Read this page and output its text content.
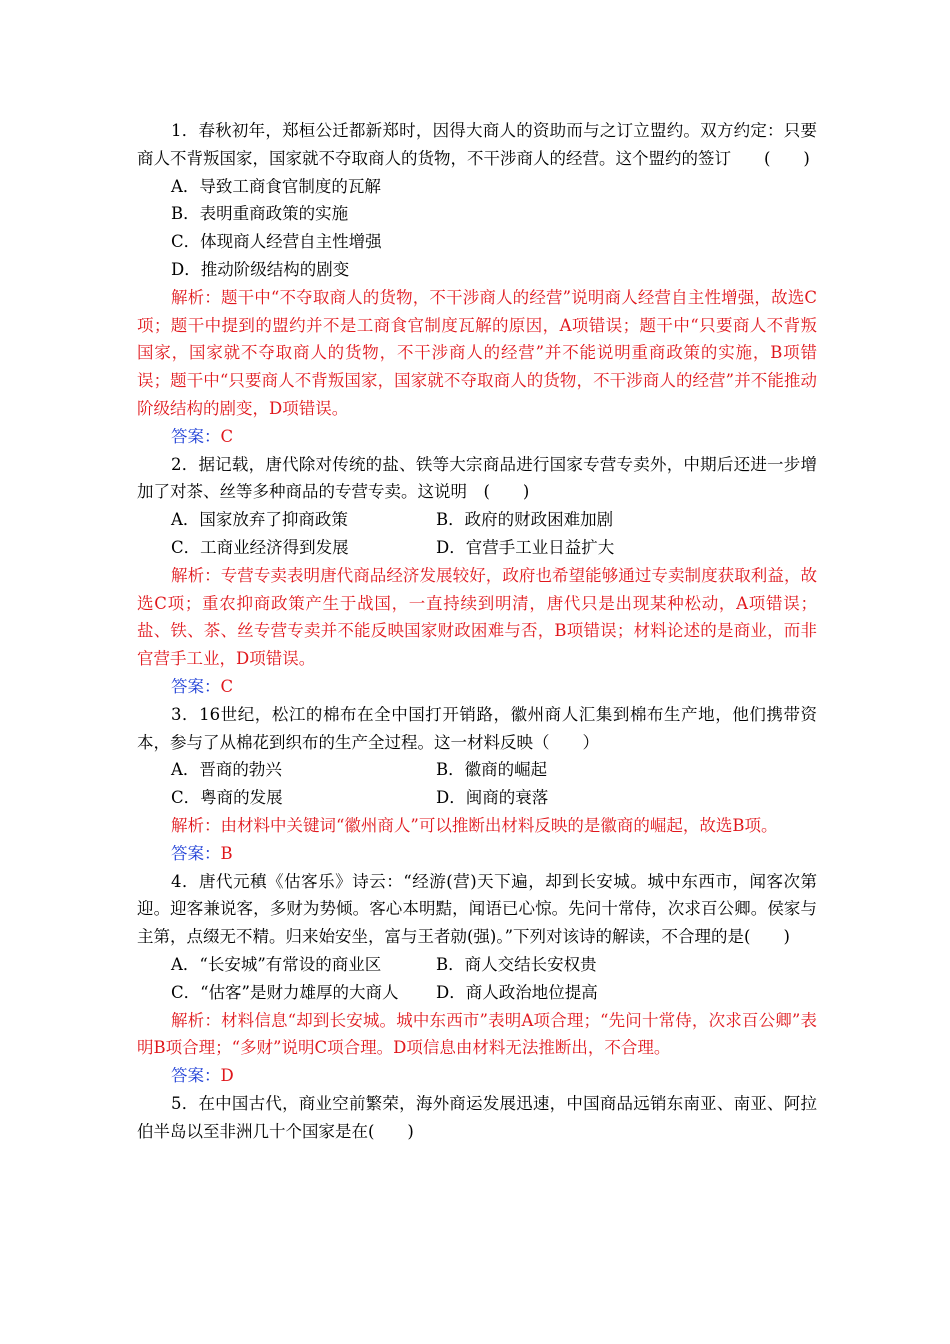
1．春秋初年，郑桓公迁都新郑时，因得大商人的资助而与之订立盟约。双方约定：只要商人不背叛国家，国家就不夺取商人的货物，不干涉商人的经营。这个盟约的签订　　(　　)

A．导致工商食官制度的瓦解

B．表明重商政策的实施

C．体现商人经营自主性增强

D．推动阶级结构的剧变

解析：题干中“不夺取商人的货物，不干涉商人的经营”说明商人经营自主性增强，故选C项；题干中提到的盟约并不是工商食官制度瓦解的原因，A项错误；题干中“只要商人不背叛国家，国家就不夺取商人的货物，不干涉商人的经营”并不能说明重商政策的实施，B项错误；题干中“只要商人不背叛国家，国家就不夺取商人的货物，不干涉商人的经营”并不能推动阶级结构的剧变，D项错误。

答案：C

2．据记载，唐代除对传统的盐、铁等大宗商品进行国家专营专卖外，中期后还进一步增加了对茶、丝等多种商品的专营专卖。这说明　(　　)

A．国家放弃了抑商政策	B．政府的财政困难加剧
C．工商业经济得到发展	D．官营手工业日益扩大

解析：专营专卖表明唐代商品经济发展较好，政府也希望能够通过专卖制度获取利益，故选C项；重农抑商政策产生于战国，一直持续到明清，唐代只是出现某种松动，A项错误；盐、铁、茶、丝专营专卖并不能反映国家财政困难与否，B项错误；材料论述的是商业，而非官营手工业，D项错误。

答案：C

3．16世纪，松江的棉布在全中国打开销路，徽州商人汇集到棉布生产地，他们携带资本，参与了从棉花到织布的生产全过程。这一材料反映（　　）

A．晋商的勃兴	B．徽商的崛起
C．粤商的发展	D．闽商的衰落

解析：由材料中关键词“徽州商人”可以推断出材料反映的是徽商的崛起，故选B项。

答案：B

4．唐代元稹《估客乐》诗云：“经游(营)天下遍，却到长安城。城中东西市，闻客次第迎。迎客兼说客，多财为势倾。客心本明黠，闻语已心惊。先问十常侍，次求百公卿。侯家与主第，点缀无不精。归来始安坐，富与王者勍(强)。”下列对该诗的解读，不合理的是(　　)

A．“长安城”有常设的商业区	B．商人交结长安权贵
C．“估客”是财力雄厚的大商人	D．商人政治地位提高

解析：材料信息“却到长安城。城中东西市”表明A项合理；“先问十常侍，次求百公卿”表明B项合理；“多财”说明C项合理。D项信息由材料无法推断出，不合理。

答案：D

5．在中国古代，商业空前繁荣，海外商运发展迅速，中国商品远销东南亚、南亚、阿拉伯半岛以至非洲几十个国家是在(　　)
